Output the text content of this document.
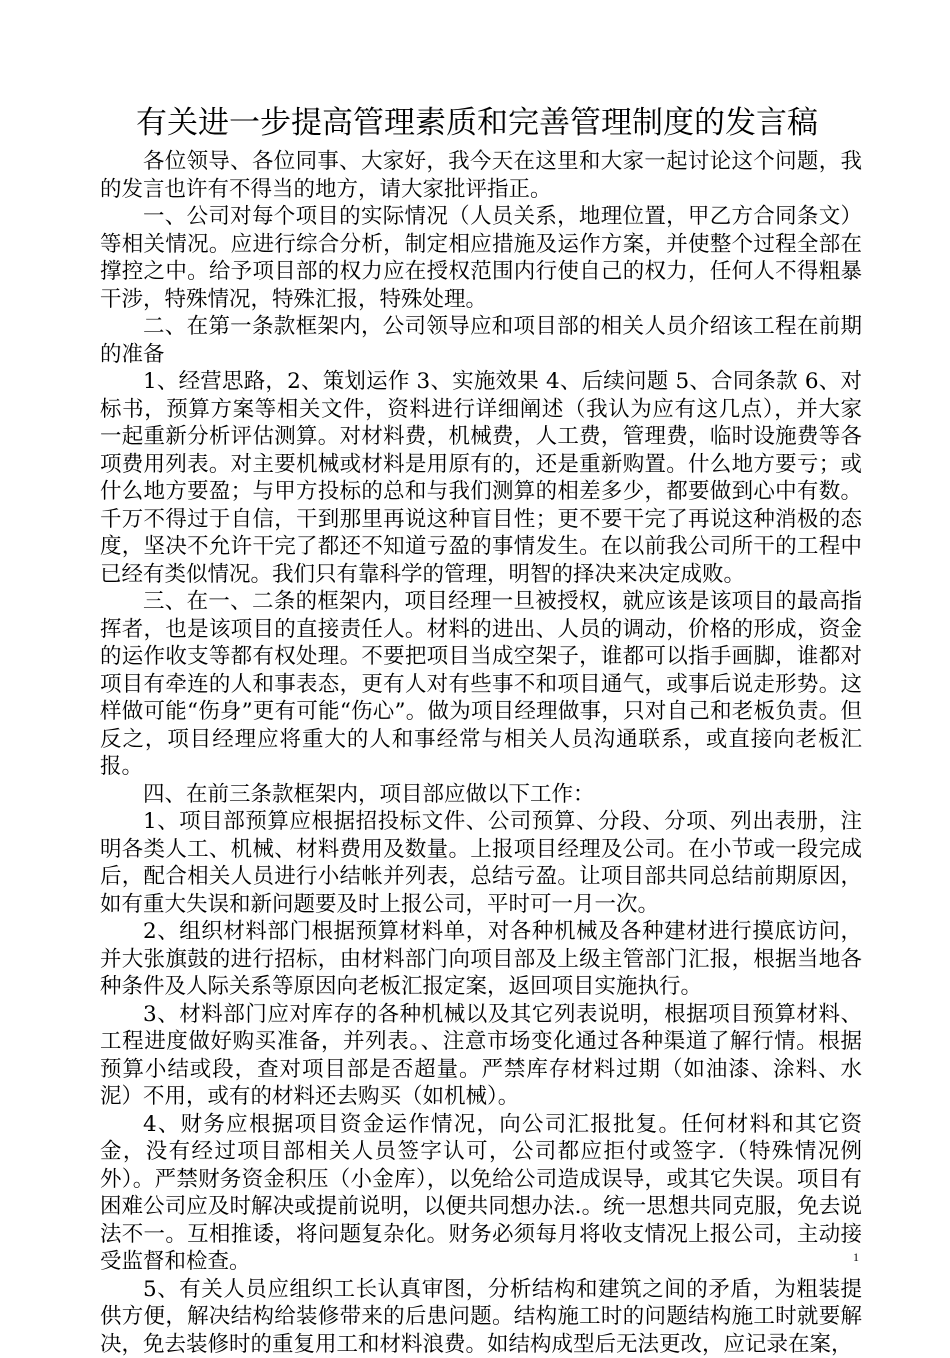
有关进一步提高管理素质和完善管理制度的发言稿

各位领导、各位同事、大家好，我今天在这里和大家一起讨论这个问题，我的发言也许有不得当的地方，请大家批评指正。

一、公司对每个项目的实际情况（人员关系，地理位置，甲乙方合同条文）等相关情况。应进行综合分析，制定相应措施及运作方案，并使整个过程全部在撑控之中。给予项目部的权力应在授权范围内行使自己的权力，任何人不得粗暴干涉，特殊情况，特殊汇报，特殊处理。

二、在第一条款框架内，公司领导应和项目部的相关人员介绍该工程在前期的准备

1、经营思路，2、策划运作 3、实施效果 4、后续问题 5、合同条款 6、对标书，预算方案等相关文件，资料进行详细阐述（我认为应有这几点），并大家一起重新分析评估测算。对材料费，机械费，人工费，管理费，临时设施费等各项费用列表。对主要机械或材料是用原有的，还是重新购置。什么地方要亏；或什么地方要盈；与甲方投标的总和与我们测算的相差多少，都要做到心中有数。千万不得过于自信，干到那里再说这种盲目性；更不要干完了再说这种消极的态度，坚决不允许干完了都还不知道亏盈的事情发生。在以前我公司所干的工程中已经有类似情况。我们只有靠科学的管理，明智的择决来决定成败。

三、在一、二条的框架内，项目经理一旦被授权，就应该是该项目的最高指挥者，也是该项目的直接责任人。材料的进出、人员的调动，价格的形成，资金的运作收支等都有权处理。不要把项目当成空架子，谁都可以指手画脚，谁都对项目有牵连的人和事表态，更有人对有些事不和项目通气，或事后说走形势。这样做可能“伤身”更有可能“伤心”。做为项目经理做事，只对自己和老板负责。但反之，项目经理应将重大的人和事经常与相关人员沟通联系，或直接向老板汇报。

四、在前三条款框架内，项目部应做以下工作：

1、项目部预算应根据招投标文件、公司预算、分段、分项、列出表册，注明各类人工、机械、材料费用及数量。上报项目经理及公司。在小节或一段完成后，配合相关人员进行小结帐并列表，总结亏盈。让项目部共同总结前期原因，如有重大失误和新问题要及时上报公司，平时可一月一次。

2、组织材料部门根据预算材料单，对各种机械及各种建材进行摸底访问，并大张旗鼓的进行招标，由材料部门向项目部及上级主管部门汇报，根据当地各种条件及人际关系等原因向老板汇报定案，返回项目实施执行。

3、材料部门应对库存的各种机械以及其它列表说明，根据项目预算材料、工程进度做好购买准备，并列表。、注意市场变化通过各种渠道了解行情。根据预算小结或段，查对项目部是否超量。严禁库存材料过期（如油漆、涂料、水泥）不用，或有的材料还去购买（如机械）。

4、财务应根据项目资金运作情况，向公司汇报批复。任何材料和其它资金，没有经过项目部相关人员签字认可，公司都应拒付或签字.（特殊情况例外）。严禁财务资金积压（小金库），以免给公司造成误导，或其它失误。项目有困难公司应及时解决或提前说明，以便共同想办法.。统一思想共同克服，免去说法不一。互相推诿，将问题复杂化。财务必须每月将收支情况上报公司，主动接受监督和检查。

5、有关人员应组织工长认真审图，分析结构和建筑之间的矛盾，为粗装提供方便，解决结构给装修带来的后患问题。结构施工时的问题结构施工时就要解决，免去装修时的重复用工和材料浪费。如结构成型后无法更改，应记录在案，

1
